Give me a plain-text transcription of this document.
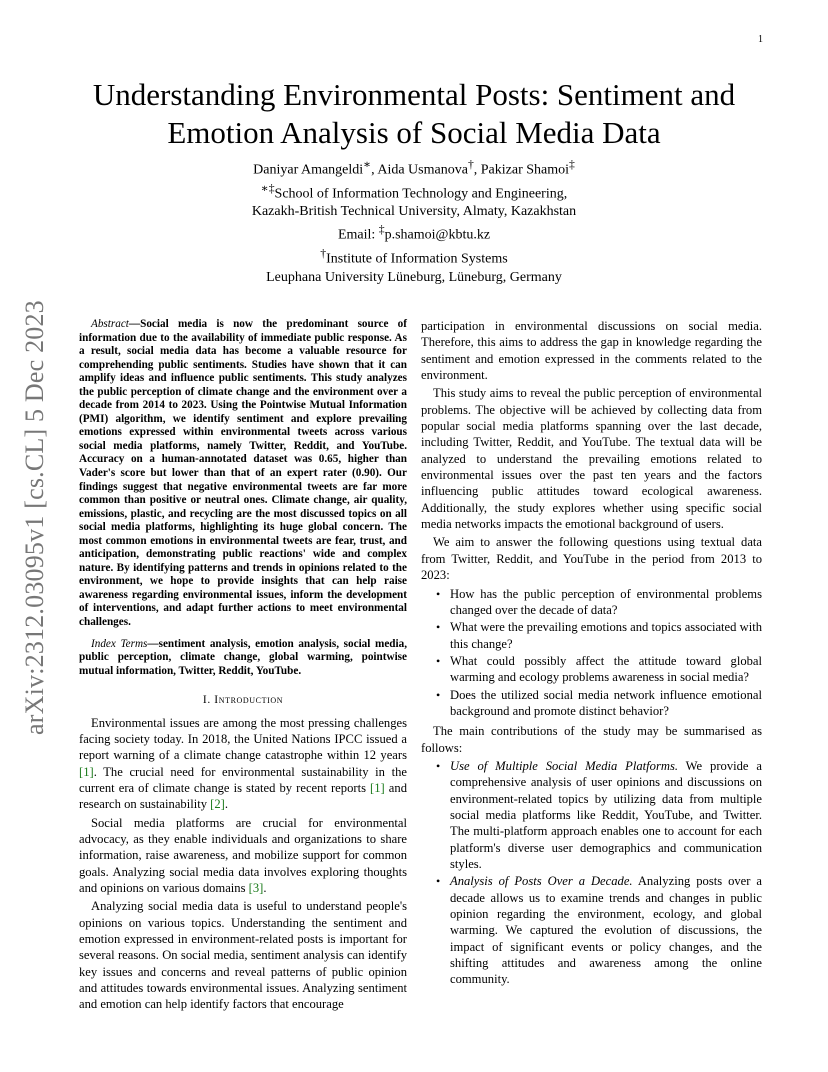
1
arXiv:2312.03095v1 [cs.CL] 5 Dec 2023
Understanding Environmental Posts: Sentiment and
Emotion Analysis of Social Media Data
Daniyar Amangeldi∗, Aida Usmanova†, Pakizar Shamoi‡
∗‡School of Information Technology and Engineering,
Kazakh-British Technical University, Almaty, Kazakhstan
Email: ‡p.shamoi@kbtu.kz
†Institute of Information Systems
Leuphana University Lüneburg, Lüneburg, Germany

Abstract—Social media is now the predominant source of information due to the availability of immediate public response. As a result, social media data has become a valuable resource for comprehending public sentiments. Studies have shown that it can amplify ideas and influence public sentiments. This study analyzes the public perception of climate change and the environment over a decade from 2014 to 2023. Using the Pointwise Mutual Information (PMI) algorithm, we identify sentiment and explore prevailing emotions expressed within environmental tweets across various social media platforms, namely Twitter, Reddit, and YouTube. Accuracy on a human-annotated dataset was 0.65, higher than Vader's score but lower than that of an expert rater (0.90). Our findings suggest that negative environmental tweets are far more common than positive or neutral ones. Climate change, air quality, emissions, plastic, and recycling are the most discussed topics on all social media platforms, highlighting its huge global concern. The most common emotions in environmental tweets are fear, trust, and anticipation, demonstrating public reactions' wide and complex nature. By identifying patterns and trends in opinions related to the environment, we hope to provide insights that can help raise awareness regarding environmental issues, inform the development of interventions, and adapt further actions to meet environmental challenges.

Index Terms—sentiment analysis, emotion analysis, social media, public perception, climate change, global warming, pointwise mutual information, Twitter, Reddit, YouTube.

I. Introduction

Environmental issues are among the most pressing challenges facing society today. In 2018, the United Nations IPCC issued a report warning of a climate change catastrophe within 12 years [1]. The crucial need for environmental sustainability in the current era of climate change is stated by recent reports [1] and research on sustainability [2].

Social media platforms are crucial for environmental advocacy, as they enable individuals and organizations to share information, raise awareness, and mobilize support for common goals. Analyzing social media data involves exploring thoughts and opinions on various domains [3].

Analyzing social media data is useful to understand people's opinions on various topics. Understanding the sentiment and emotion expressed in environment-related posts is important for several reasons. On social media, sentiment analysis can identify key issues and concerns and reveal patterns of public opinion and attitudes towards environmental issues. Analyzing sentiment and emotion can help identify factors that encourage

participation in environmental discussions on social media. Therefore, this aims to address the gap in knowledge regarding the sentiment and emotion expressed in the comments related to the environment.

This study aims to reveal the public perception of environmental problems. The objective will be achieved by collecting data from popular social media platforms spanning over the last decade, including Twitter, Reddit, and YouTube. The textual data will be analyzed to understand the prevailing emotions related to environmental issues over the past ten years and the factors influencing public attitudes toward ecological awareness. Additionally, the study explores whether using specific social media networks impacts the emotional background of users.

We aim to answer the following questions using textual data from Twitter, Reddit, and YouTube in the period from 2013 to 2023:

• How has the public perception of environmental problems changed over the decade of data?
• What were the prevailing emotions and topics associated with this change?
• What could possibly affect the attitude toward global warming and ecology problems awareness in social media?
• Does the utilized social media network influence emotional background and promote distinct behavior?

The main contributions of the study may be summarised as follows:

• Use of Multiple Social Media Platforms. We provide a comprehensive analysis of user opinions and discussions on environment-related topics by utilizing data from multiple social media platforms like Reddit, YouTube, and Twitter. The multi-platform approach enables one to account for each platform's diverse user demographics and communication styles.
• Analysis of Posts Over a Decade. Analyzing posts over a decade allows us to examine trends and changes in public opinion regarding the environment, ecology, and global warming. We captured the evolution of discussions, the impact of significant events or policy changes, and the shifting attitudes and awareness among the online community.
